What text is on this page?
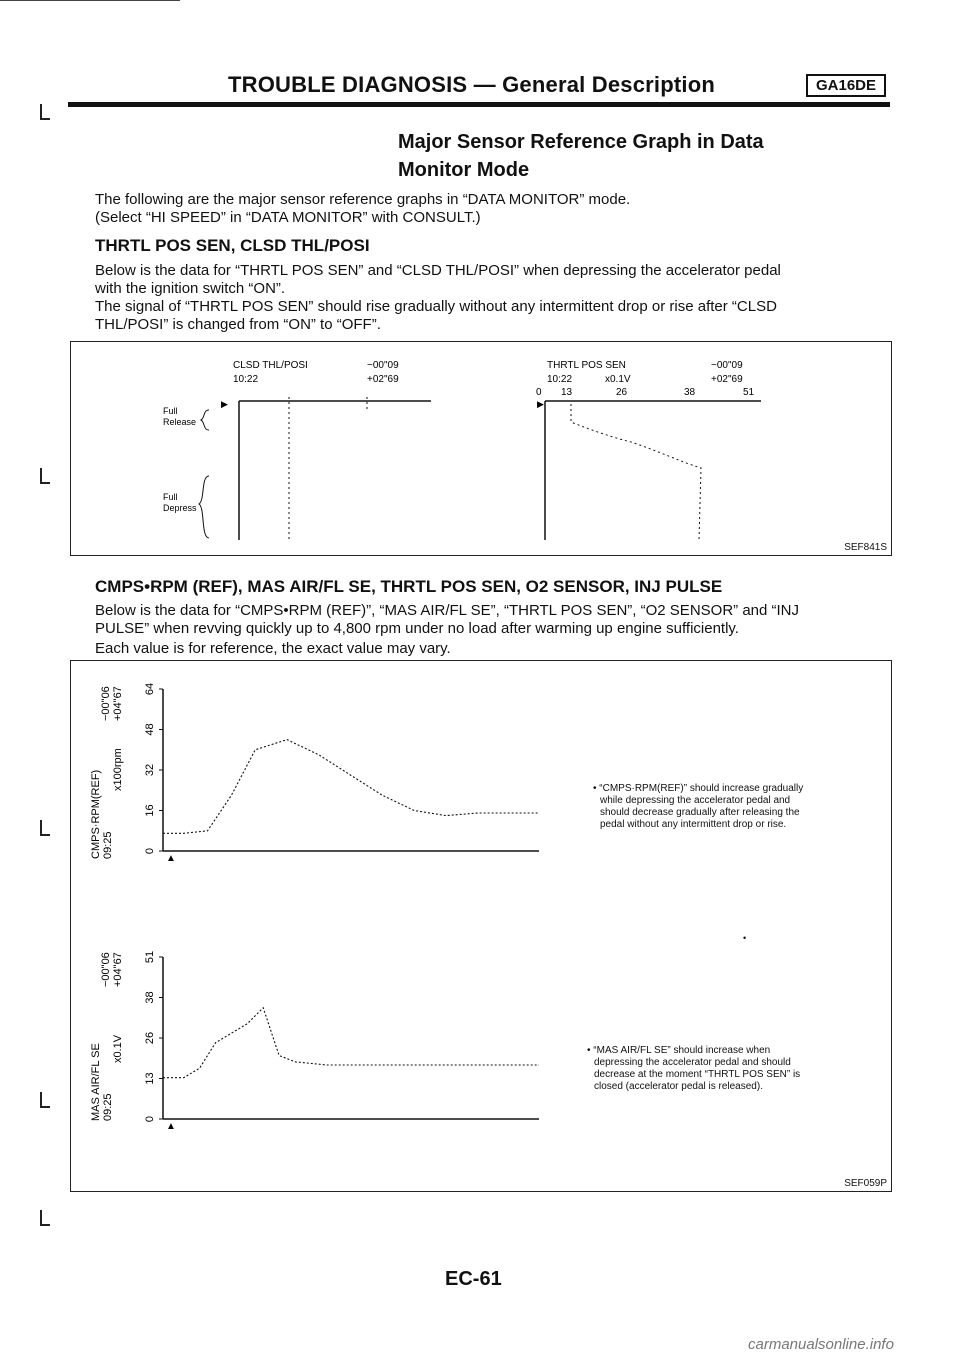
TROUBLE DIAGNOSIS — General Description	GA16DE
Major Sensor Reference Graph in Data
Monitor Mode
The following are the major sensor reference graphs in “DATA MONITOR” mode.
(Select “HI SPEED” in “DATA MONITOR” with CONSULT.)
THRTL POS SEN, CLSD THL/POSI
Below is the data for “THRTL POS SEN” and “CLSD THL/POSI” when depressing the accelerator pedal
with the ignition switch “ON”.
The signal of “THRTL POS SEN” should rise gradually without any intermittent drop or rise after “CLSD
THL/POSI” is changed from “ON” to “OFF”.
CLSD THL/POSI
10:22
−00"09
+02"69
Full
Release
▶
Full
Depress
THRTL POS SEN
10:22	x0.1V
−00"09
+02"69
0 13	26	38	51
▶
SEF841S
CMPS•RPM (REF), MAS AIR/FL SE, THRTL POS SEN, O2 SENSOR, INJ PULSE
Below is the data for “CMPS•RPM (REF)”, “MAS AIR/FL SE”, “THRTL POS SEN”, “O2 SENSOR” and “INJ
PULSE” when revving quickly up to 4,800 rpm under no load after warming up engine sufficiently.
Each value is for reference, the exact value may vary.
CMPS·RPM(REF) 09:25
x100rpm
−00"06 +04"67
0
16
32
48
64
▲
MAS AIR/FL SE 09:25
x0.1V
−00"06 +04"67
0
13
26
38
51
▲
•
• “CMPS·RPM(REF)” should increase gradually
while depressing the accelerator pedal and
should decrease gradually after releasing the
pedal without any intermittent drop or rise.
• “MAS AIR/FL SE” should increase when
depressing the accelerator pedal and should
decrease at the moment “THRTL POS SEN” is
closed (accelerator pedal is released).
SEF059P
EC-61
carmanualsonline.info
